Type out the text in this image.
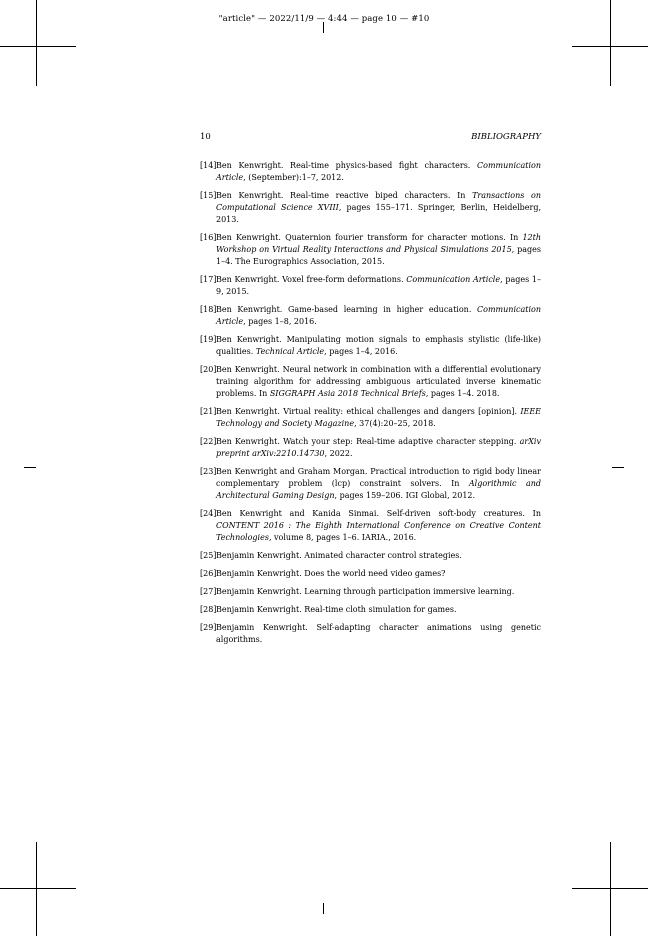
"article" — 2022/11/9 — 4:44 — page 10 — #10
10	BIBLIOGRAPHY
[14] Ben Kenwright. Real-time physics-based fight characters. Communication Article, (September):1–7, 2012.
[15] Ben Kenwright. Real-time reactive biped characters. In Transactions on Computational Science XVIII, pages 155–171. Springer, Berlin, Heidelberg, 2013.
[16] Ben Kenwright. Quaternion fourier transform for character motions. In 12th Workshop on Virtual Reality Interactions and Physical Simulations 2015, pages 1–4. The Eurographics Association, 2015.
[17] Ben Kenwright. Voxel free-form deformations. Communication Article, pages 1–9, 2015.
[18] Ben Kenwright. Game-based learning in higher education. Communication Article, pages 1–8, 2016.
[19] Ben Kenwright. Manipulating motion signals to emphasis stylistic (life-like) qualities. Technical Article, pages 1–4, 2016.
[20] Ben Kenwright. Neural network in combination with a differential evolutionary training algorithm for addressing ambiguous articulated inverse kinematic problems. In SIGGRAPH Asia 2018 Technical Briefs, pages 1–4. 2018.
[21] Ben Kenwright. Virtual reality: ethical challenges and dangers [opinion]. IEEE Technology and Society Magazine, 37(4):20–25, 2018.
[22] Ben Kenwright. Watch your step: Real-time adaptive character stepping. arXiv preprint arXiv:2210.14730, 2022.
[23] Ben Kenwright and Graham Morgan. Practical introduction to rigid body linear complementary problem (lcp) constraint solvers. In Algorithmic and Architectural Gaming Design, pages 159–206. IGI Global, 2012.
[24] Ben Kenwright and Kanida Sinmai. Self-driven soft-body creatures. In CONTENT 2016 : The Eighth International Conference on Creative Content Technologies, volume 8, pages 1–6. IARIA., 2016.
[25] Benjamin Kenwright. Animated character control strategies.
[26] Benjamin Kenwright. Does the world need video games?
[27] Benjamin Kenwright. Learning through participation immersive learning.
[28] Benjamin Kenwright. Real-time cloth simulation for games.
[29] Benjamin Kenwright. Self-adapting character animations using genetic algorithms.
